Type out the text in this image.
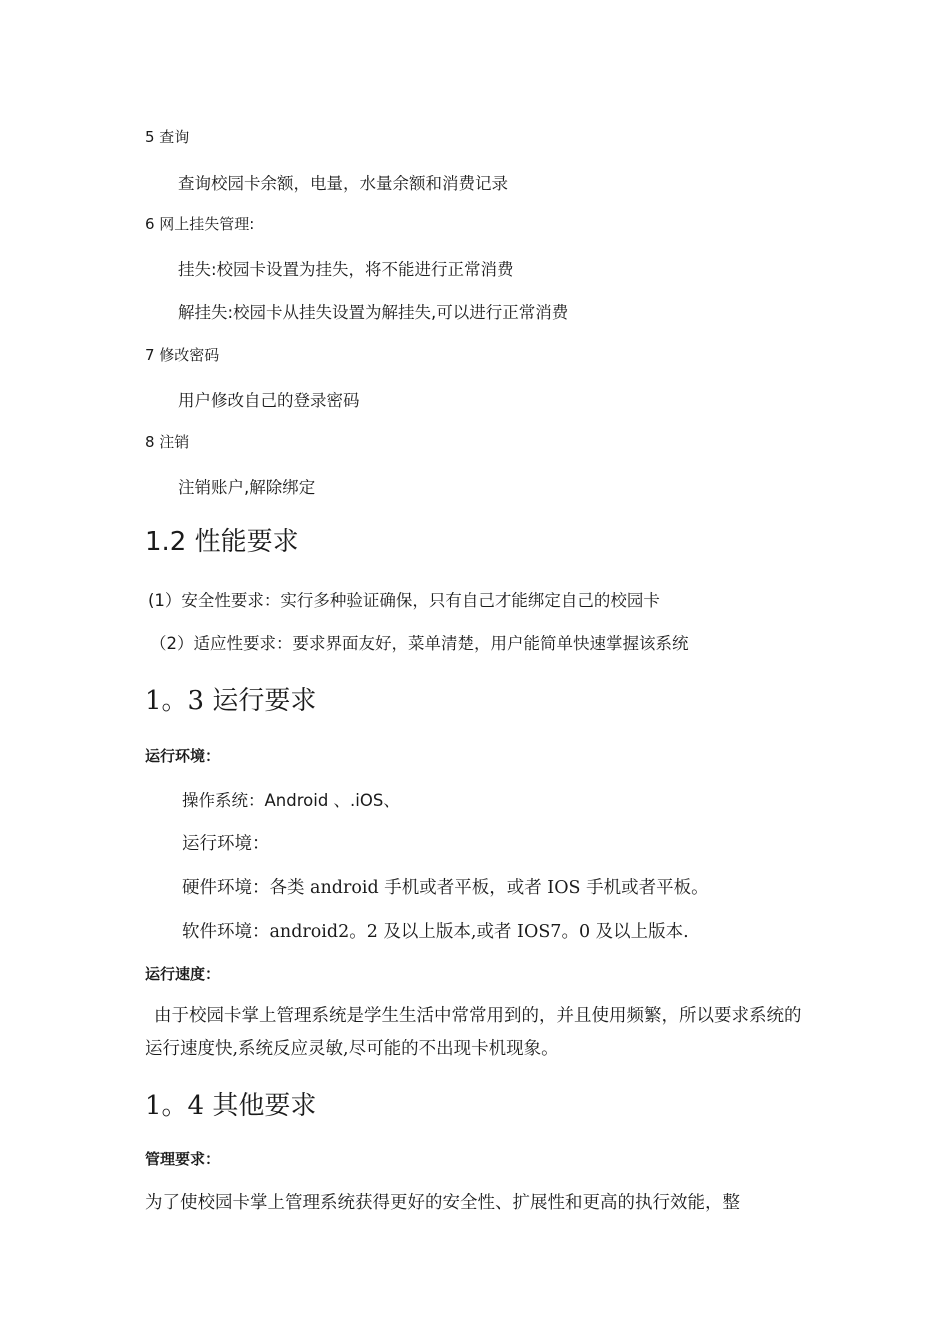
5 查询
查询校园卡余额，电量，水量余额和消费记录
6 网上挂失管理:
挂失:校园卡设置为挂失，将不能进行正常消费
解挂失:校园卡从挂失设置为解挂失,可以进行正常消费
7 修改密码
用户修改自己的登录密码
8 注销
注销账户,解除绑定
1.2 性能要求
(1）安全性要求：实行多种验证确保，只有自己才能绑定自己的校园卡
（2）适应性要求：要求界面友好，菜单清楚，用户能简单快速掌握该系统
1。3 运行要求
运行环境：
操作系统：Android 、.iOS、
运行环境：
硬件环境：各类 android 手机或者平板，或者 IOS 手机或者平板。
软件环境：android2。2 及以上版本,或者 IOS7。0 及以上版本.
运行速度：
由于校园卡掌上管理系统是学生生活中常常用到的，并且使用频繁，所以要求系统的运行速度快,系统反应灵敏,尽可能的不出现卡机现象。
1。4 其他要求
管理要求：
为了使校园卡掌上管理系统获得更好的安全性、扩展性和更高的执行效能，整
